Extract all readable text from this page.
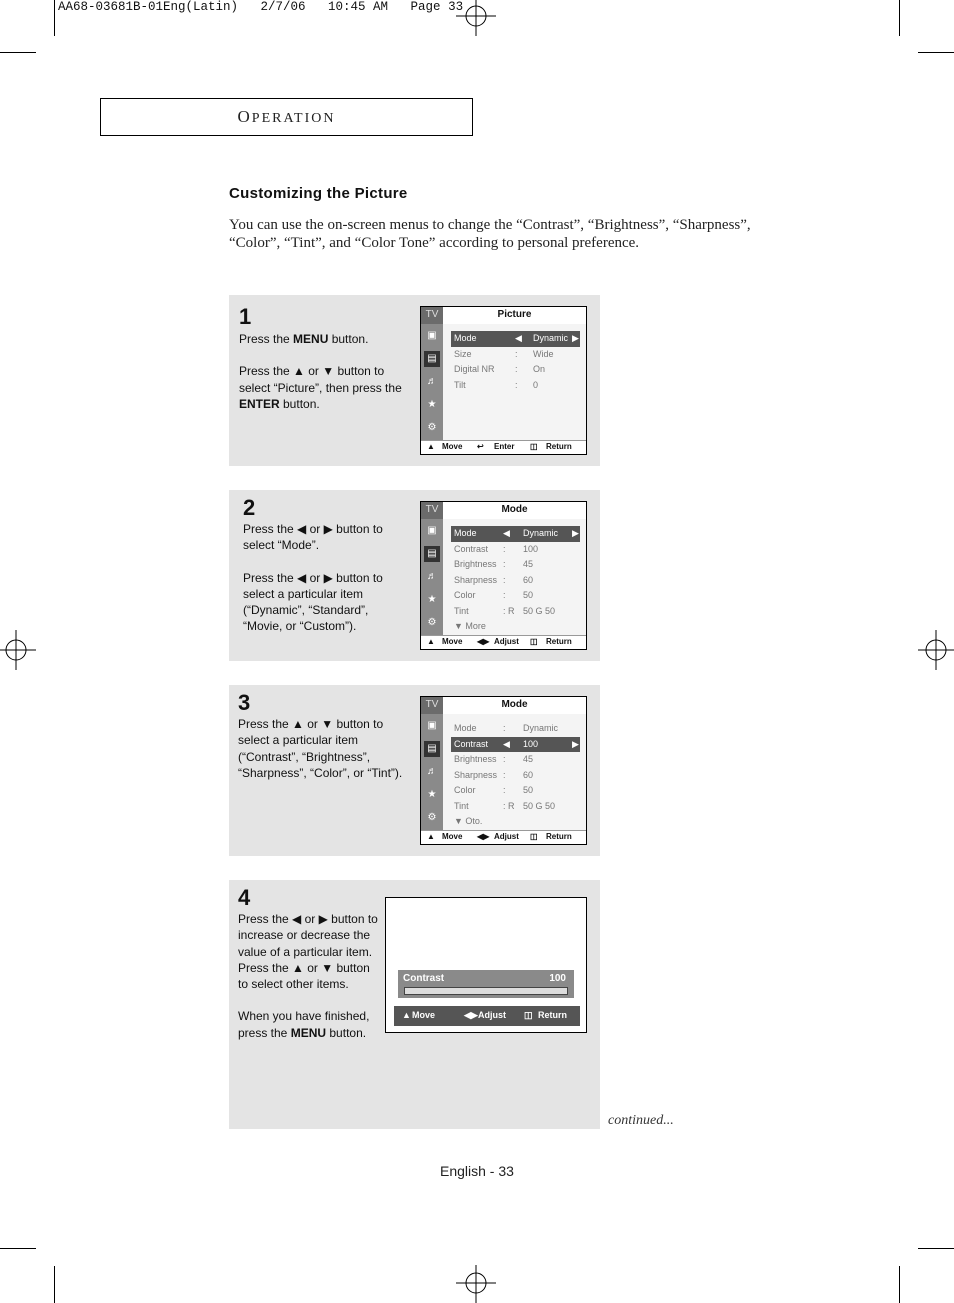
AA68-03681B-01Eng(Latin)   2/7/06   10:45 AM   Page 33
OPERATION
Customizing the Picture
You can use the on-screen menus to change the “Contrast”, “Brightness”, “Sharpness”, “Color”, “Tint”, and “Color Tone” according to personal preference.
1

Press the MENU button.

Press the ▲ or ▼ button to select “Picture”, then press the ENTER button.

2

Press the ◀ or ▶ button to select “Mode”.

Press the ◀ or ▶ button to select a particular item (“Dynamic”, “Standard”, “Movie, or “Custom”).

3

Press the ▲ or ▼ button to select a particular item (“Contrast”, “Brightness”, “Sharpness”, “Color”, or “Tint”).

4

Press the ◀ or ▶ button to increase or decrease the value of a particular item.

Press the ▲ or ▼ button to select other items.

When you have finished, press the MENU button.

TV
▣
▤
♬
★
⚙
Picture
Mode	◀ Dynamic ▶
Size	: Wide
Digital NR : On
Tilt	: 0
▲ Move ↩ Enter ◫ Return
TV
▣
▤
♬
★
⚙
Mode
Mode	◀ Dynamic ▶
Contrast : 100
Brightness : 45
Sharpness : 60
Color	: 50
Tint	: R 50 G 50
▼ More
▲ Move ◀▶ Adjust ◫ Return
TV
▣
▤
♬
★
⚙
Mode
Mode	: Dynamic
Contrast ◀ 100	▶
Brightness : 45
Sharpness : 60
Color	: 50
Tint	: R 50 G 50
▼ Oto.
▲ Move ◀▶ Adjust ◫ Return
Contrast	100
▲ Move	◀▶ Adjust ◫ Return
continued...
English - 33
